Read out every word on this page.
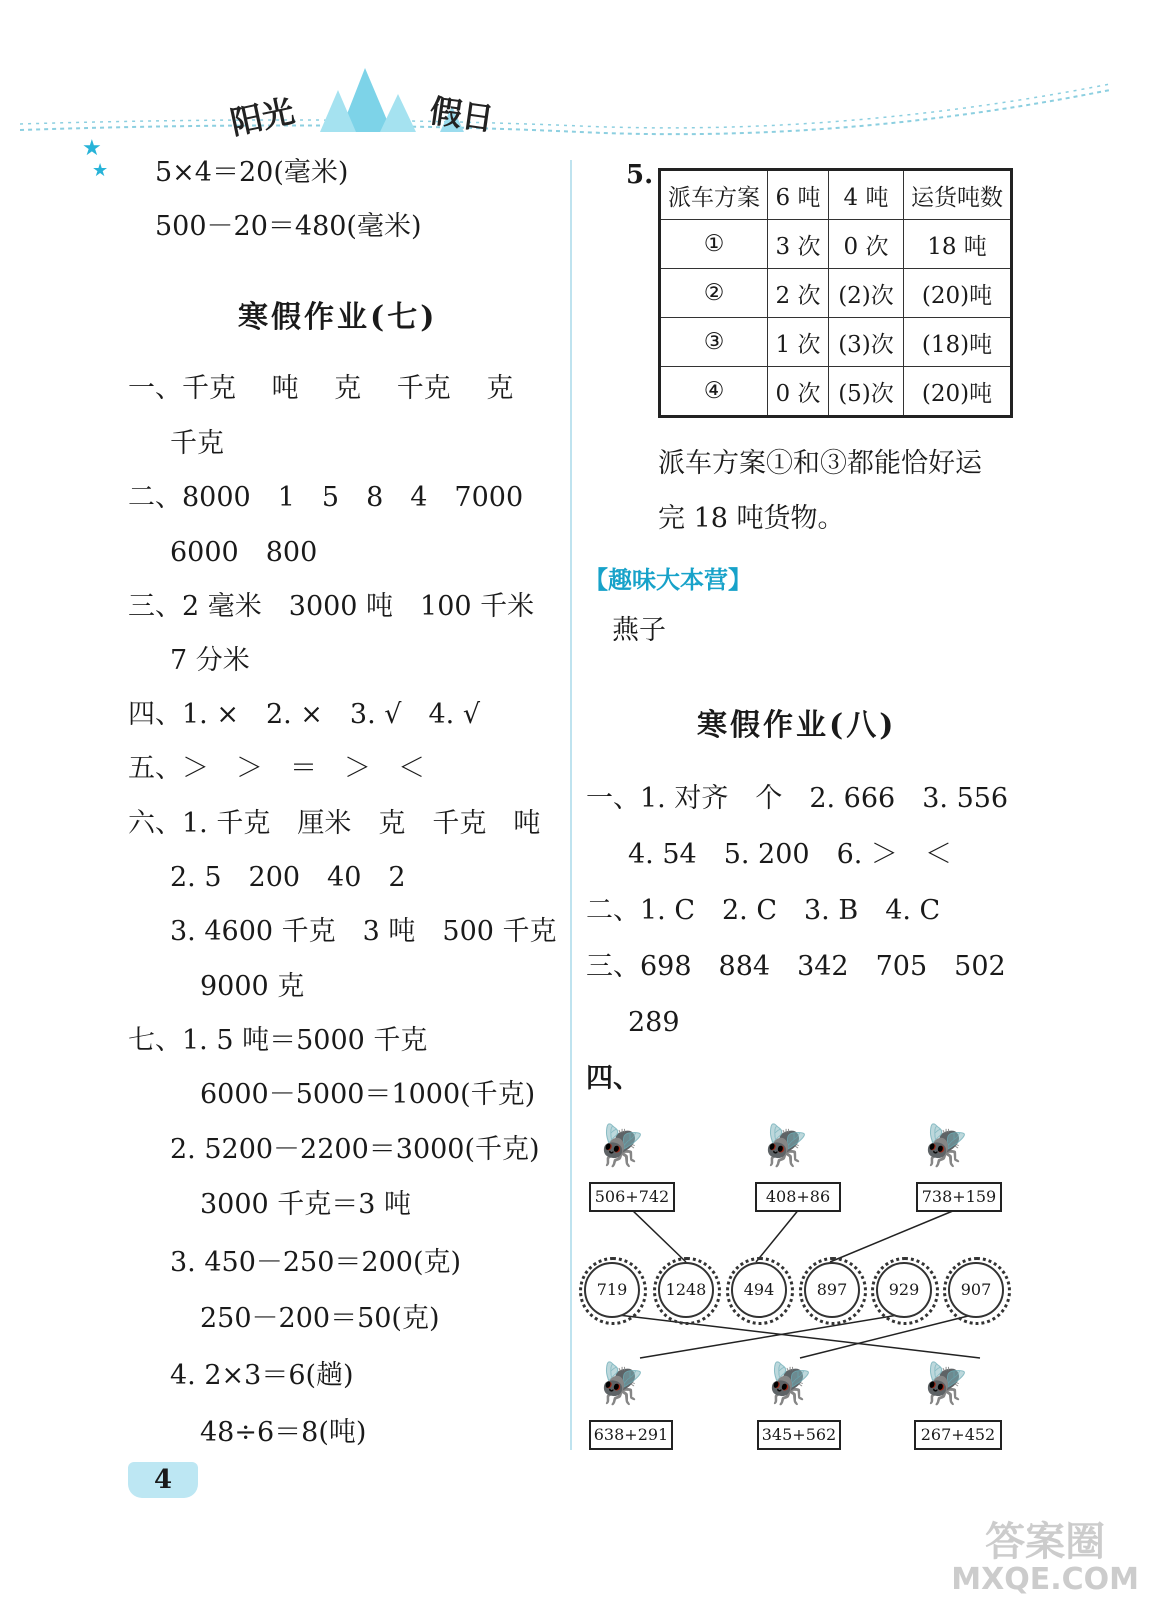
阳光	假日
★
★ 5×4＝20(毫米)
500－20＝480(毫米)
寒假作业(七)
一、千克　 吨　 克　 千克　 克
千克
二、8000　1　5　8　4　7000
6000　800
三、2 毫米　3000 吨　100 千米
7 分米
四、1. ×　2. ×　3. √　4. √
五、＞　＞　＝　＞　＜
六、1. 千克　厘米　克　千克　吨
2. 5　200　40　2
3. 4600 千克　3 吨　500 千克
9000 克
七、1. 5 吨＝5000 千克
6000－5000＝1000(千克)
2. 5200－2200＝3000(千克)
3000 千克＝3 吨
3. 450－250＝200(克)
250－200＝50(克)
4. 2×3＝6(趟)
48÷6＝8(吨)
5.
派车方案	6 吨	4 吨	运货吨数
①	3 次	0 次	18 吨
②	2 次	(2)次	(20)吨
③	1 次	(3)次	(18)吨
④	0 次	(5)次	(20)吨
派车方案①和③都能恰好运
完 18 吨货物。
【趣味大本营】
燕子
寒假作业(八)
一、1. 对齐　个　2. 666　3. 556
4. 54　5. 200　6. ＞　＜
二、1. C　2. C　3. B　4. C
三、698　884　342　705　502
289
四、
🪰	🪰	🪰
506+742	408+86	738+159
719	1248	494	897	929	907
🪰	🪰	🪰
638+291	345+562	267+452
4
答案圈
MXQE.COM
